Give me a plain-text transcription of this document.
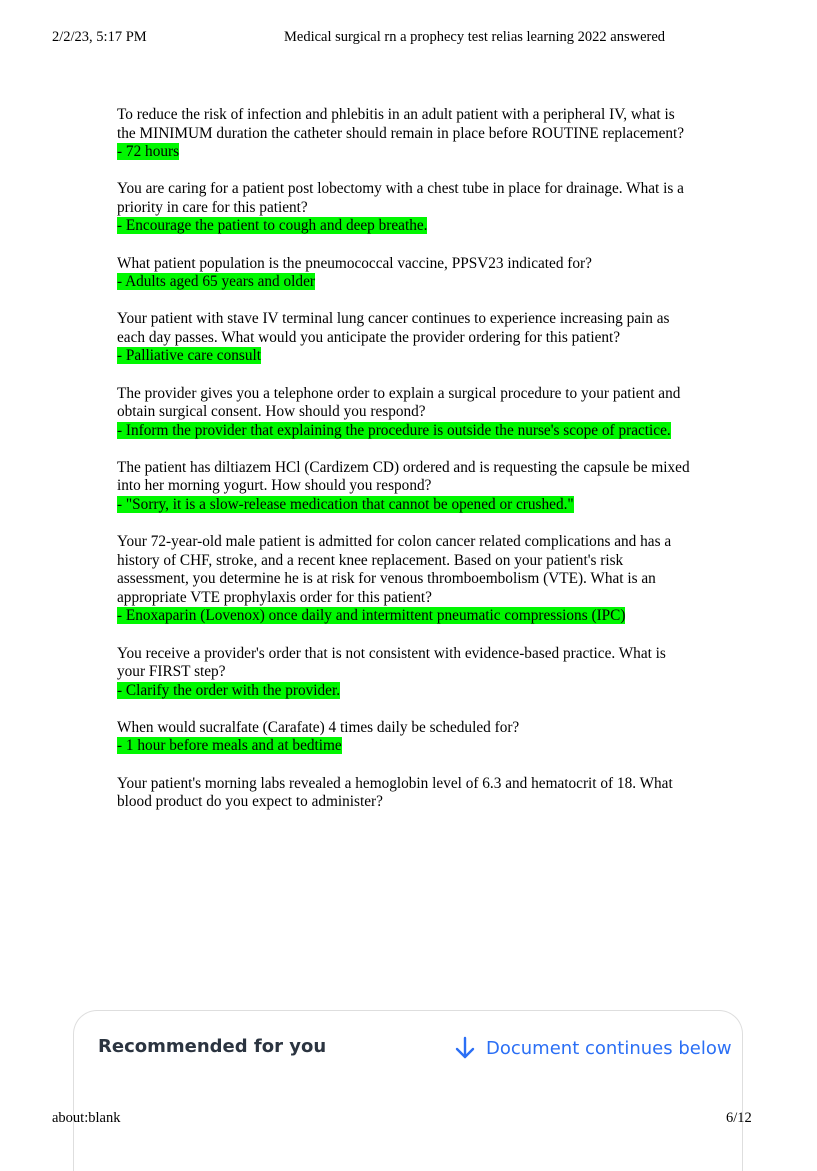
2/2/23, 5:17 PM	Medical surgical rn a prophecy test relias learning 2022 answered
To reduce the risk of infection and phlebitis in an adult patient with a peripheral IV, what is the MINIMUM duration the catheter should remain in place before ROUTINE replacement?
- 72 hours
You are caring for a patient post lobectomy with a chest tube in place for drainage. What is a priority in care for this patient?
- Encourage the patient to cough and deep breathe.
What patient population is the pneumococcal vaccine, PPSV23 indicated for?
- Adults aged 65 years and older
Your patient with stave IV terminal lung cancer continues to experience increasing pain as each day passes. What would you anticipate the provider ordering for this patient?
- Palliative care consult
The provider gives you a telephone order to explain a surgical procedure to your patient and obtain surgical consent. How should you respond?
- Inform the provider that explaining the procedure is outside the nurse's scope of practice.
The patient has diltiazem HCl (Cardizem CD) ordered and is requesting the capsule be mixed into her morning yogurt. How should you respond?
- "Sorry, it is a slow-release medication that cannot be opened or crushed."
Your 72-year-old male patient is admitted for colon cancer related complications and has a history of CHF, stroke, and a recent knee replacement. Based on your patient's risk assessment, you determine he is at risk for venous thromboembolism (VTE). What is an appropriate VTE prophylaxis order for this patient?
- Enoxaparin (Lovenox) once daily and intermittent pneumatic compressions (IPC)
You receive a provider's order that is not consistent with evidence-based practice. What is your FIRST step?
- Clarify the order with the provider.
When would sucralfate (Carafate) 4 times daily be scheduled for?
- 1 hour before meals and at bedtime
Your patient's morning labs revealed a hemoglobin level of 6.3 and hematocrit of 18. What blood product do you expect to administer?
Recommended for you	Document continues below
about:blank	6/12
